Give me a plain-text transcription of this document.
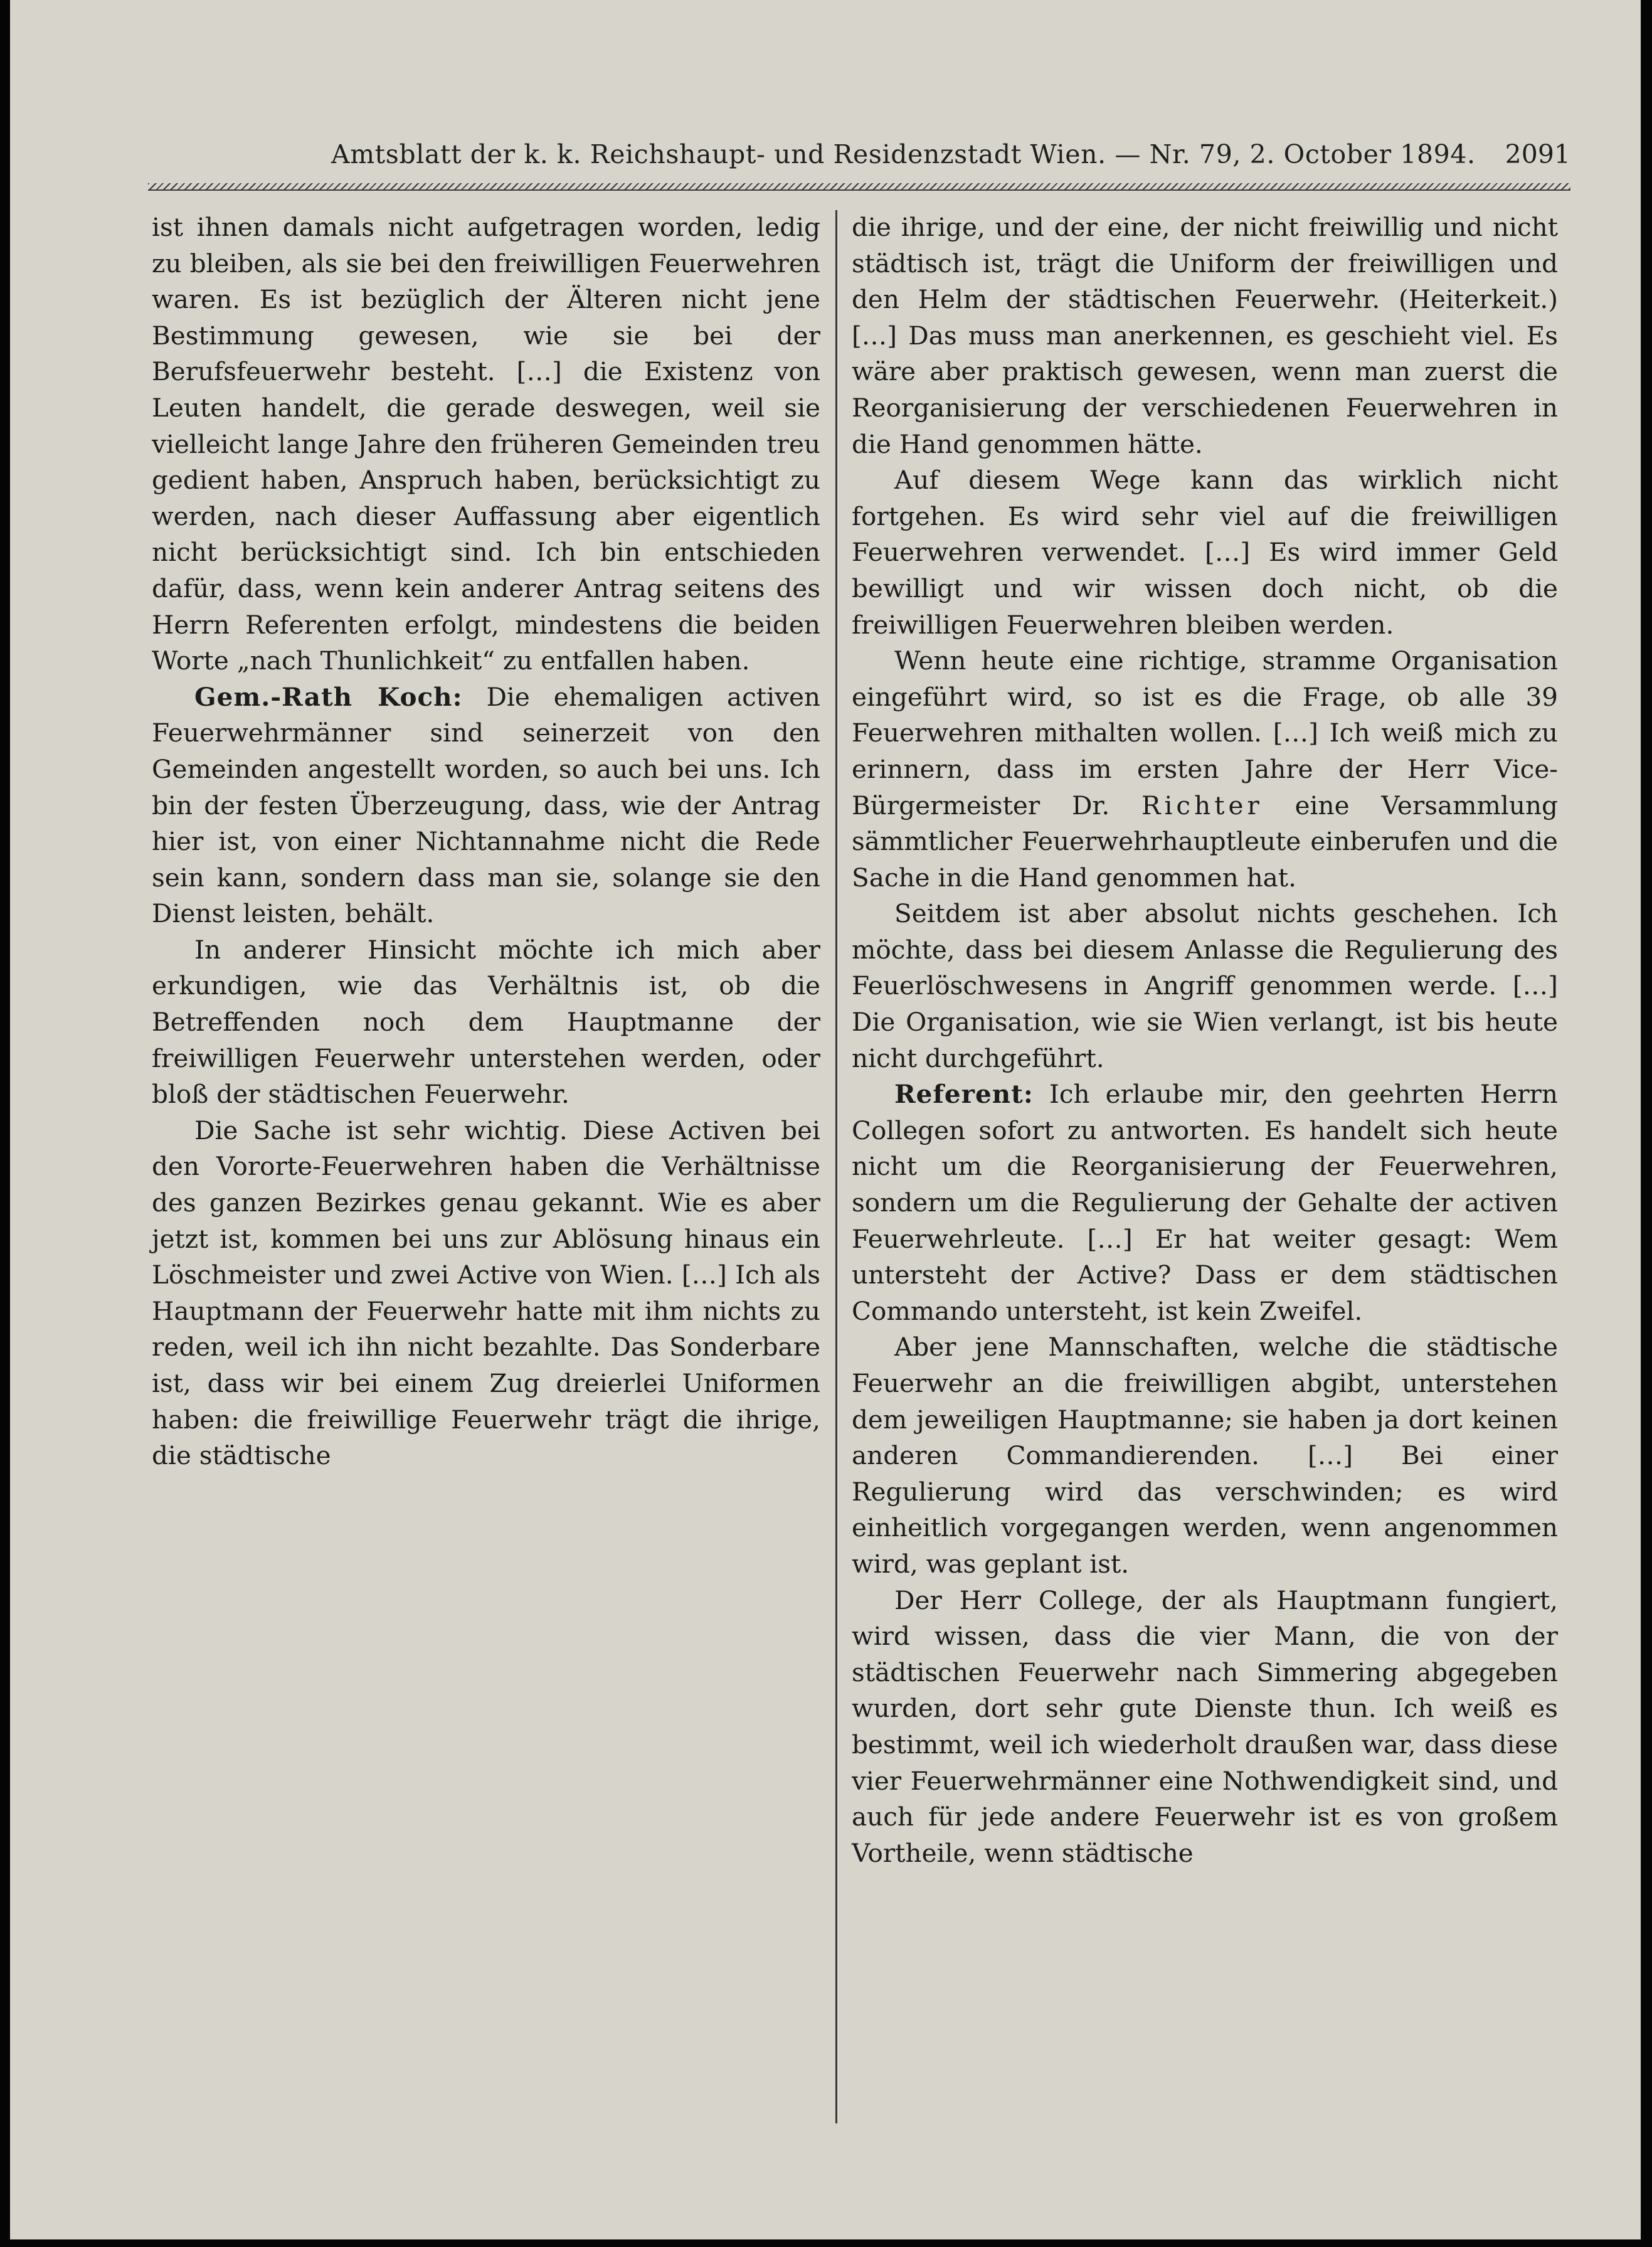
Amtsblatt der k. k. Reichshaupt- und Residenzstadt Wien. — Nr. 79, 2. October 1894. 2091

ist ihnen damals nicht aufgetragen worden, ledig zu bleiben, als sie bei den freiwilligen Feuerwehren waren. Es ist bezüglich der Älteren nicht jene Bestimmung gewesen, wie sie bei der Berufsfeuerwehr besteht. […] die Existenz von Leuten handelt, die gerade deswegen, weil sie vielleicht lange Jahre den früheren Gemeinden treu gedient haben, Anspruch haben, berücksichtigt zu werden, nach dieser Auffassung aber eigentlich nicht berücksichtigt sind. Ich bin entschieden dafür, dass, wenn kein anderer Antrag seitens des Herrn Referenten erfolgt, mindestens die beiden Worte „nach Thunlichkeit“ zu entfallen haben.

Gem.-Rath Koch: Die ehemaligen activen Feuerwehrmänner sind seinerzeit von den Gemeinden angestellt worden, so auch bei uns. Ich bin der festen Überzeugung, dass, wie der Antrag hier ist, von einer Nichtannahme nicht die Rede sein kann, sondern dass man sie, solange sie den Dienst leisten, behält.

In anderer Hinsicht möchte ich mich aber erkundigen, wie das Verhältnis ist, ob die Betreffenden noch dem Hauptmanne der freiwilligen Feuerwehr unterstehen werden, oder bloß der städtischen Feuerwehr.

Die Sache ist sehr wichtig. Diese Activen bei den Vororte-Feuerwehren haben die Verhältnisse des ganzen Bezirkes genau gekannt. Wie es aber jetzt ist, kommen bei uns zur Ablösung hinaus ein Löschmeister und zwei Active von Wien. […] Ich als Hauptmann der Feuerwehr hatte mit ihm nichts zu reden, weil ich ihn nicht bezahlte. Das Sonderbare ist, dass wir bei einem Zug dreierlei Uniformen haben: die freiwillige Feuerwehr trägt die ihrige, die städtische

die ihrige, und der eine, der nicht freiwillig und nicht städtisch ist, trägt die Uniform der freiwilligen und den Helm der städtischen Feuerwehr. (Heiterkeit.) […] Das muss man anerkennen, es geschieht viel. Es wäre aber praktisch gewesen, wenn man zuerst die Reorganisierung der verschiedenen Feuerwehren in die Hand genommen hätte.

Auf diesem Wege kann das wirklich nicht fortgehen. Es wird sehr viel auf die freiwilligen Feuerwehren verwendet. […] Es wird immer Geld bewilligt und wir wissen doch nicht, ob die freiwilligen Feuerwehren bleiben werden.

Wenn heute eine richtige, stramme Organisation eingeführt wird, so ist es die Frage, ob alle 39 Feuerwehren mithalten wollen. […] Ich weiß mich zu erinnern, dass im ersten Jahre der Herr Vice-Bürgermeister Dr. Richter eine Versammlung sämmtlicher Feuerwehrhauptleute einberufen und die Sache in die Hand genommen hat.

Seitdem ist aber absolut nichts geschehen. Ich möchte, dass bei diesem Anlasse die Regulierung des Feuerlöschwesens in Angriff genommen werde. […] Die Organisation, wie sie Wien verlangt, ist bis heute nicht durchgeführt.

Referent: Ich erlaube mir, den geehrten Herrn Collegen sofort zu antworten. Es handelt sich heute nicht um die Reorganisierung der Feuerwehren, sondern um die Regulierung der Gehalte der activen Feuerwehrleute. […] Er hat weiter gesagt: Wem untersteht der Active? Dass er dem städtischen Commando untersteht, ist kein Zweifel.

Aber jene Mannschaften, welche die städtische Feuerwehr an die freiwilligen abgibt, unterstehen dem jeweiligen Hauptmanne; sie haben ja dort keinen anderen Commandierenden. […] Bei einer Regulierung wird das verschwinden; es wird einheitlich vorgegangen werden, wenn angenommen wird, was geplant ist.

Der Herr College, der als Hauptmann fungiert, wird wissen, dass die vier Mann, die von der städtischen Feuerwehr nach Simmering abgegeben wurden, dort sehr gute Dienste thun. Ich weiß es bestimmt, weil ich wiederholt draußen war, dass diese vier Feuerwehrmänner eine Nothwendigkeit sind, und auch für jede andere Feuerwehr ist es von großem Vortheile, wenn städtische
